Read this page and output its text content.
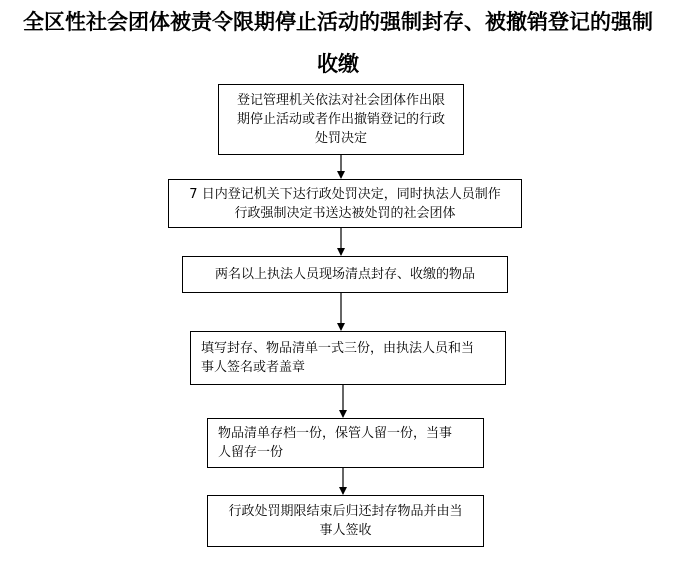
全区性社会团体被责令限期停止活动的强制封存、被撤销登记的强制
收缴
登记管理机关依法对社会团体作出限
期停止活动或者作出撤销登记的行政
处罚决定
7 日内登记机关下达行政处罚决定，同时执法人员制作
行政强制决定书送达被处罚的社会团体
两名以上执法人员现场清点封存、收缴的物品
填写封存、物品清单一式三份，由执法人员和当
事人签名或者盖章
物品清单存档一份，保管人留一份，当事
人留存一份
行政处罚期限结束后归还封存物品并由当
事人签收
